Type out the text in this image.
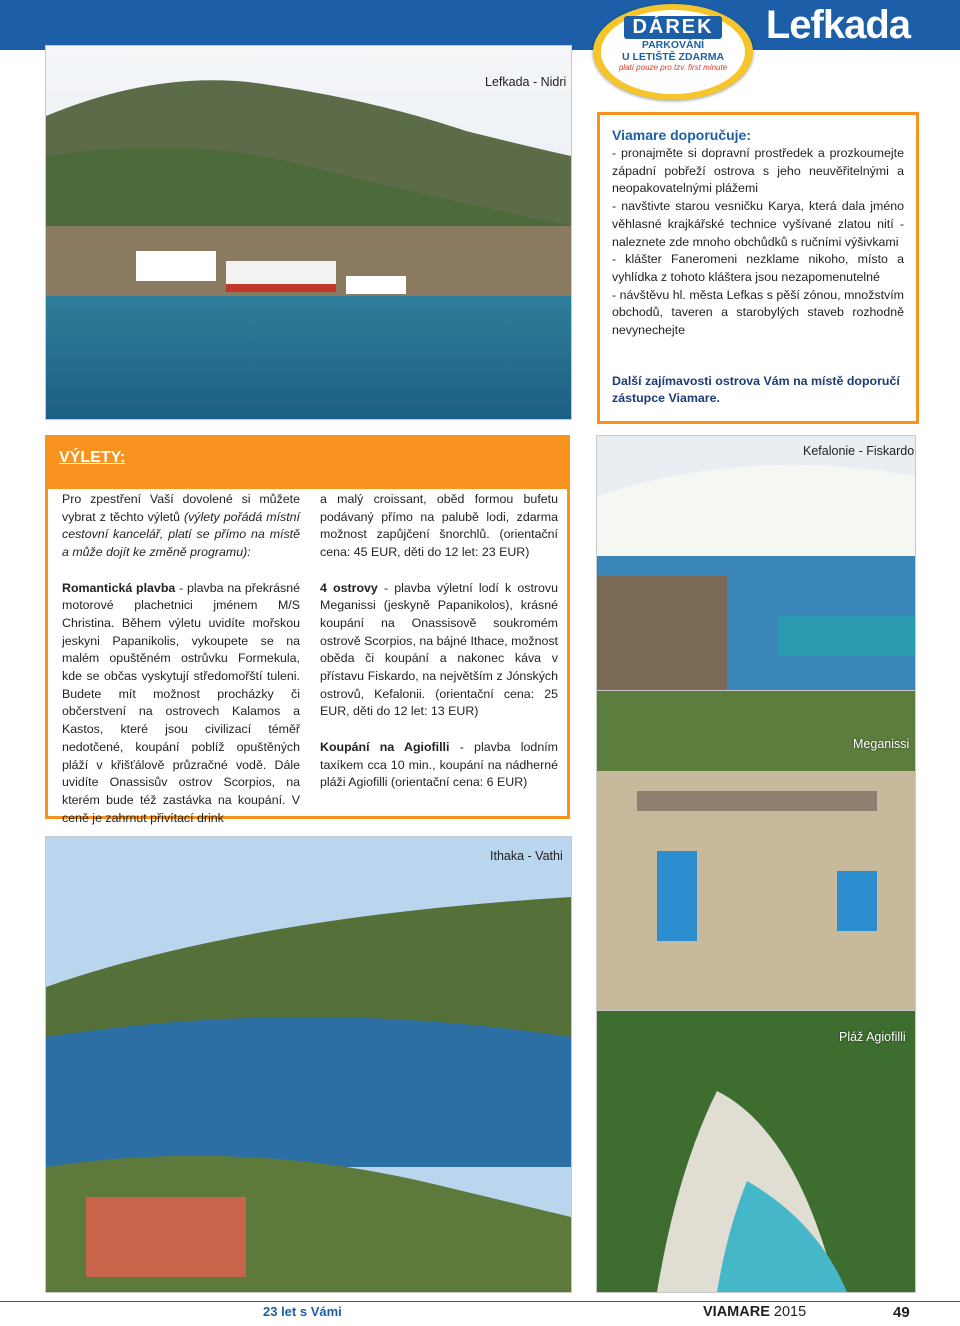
Lefkada
DÁREK
PARKOVÁNÍ
U LETIŠTĚ ZDARMA
platí pouze pro tzv. first minute
Lefkada - Nidri
Viamare doporučuje:
- pronajměte si dopravní prostředek a prozkoumejte západní pobřeží ostrova s jeho neuvěřitelnými a neopakovatelnými plážemi
- navštivte starou vesničku Karya, která dala jméno věhlasné krajkářské technice vyšívané zlatou nití - naleznete zde mnoho obchůdků s ručními výšivkami
- klášter Faneromeni nezklame nikoho, místo a vyhlídka z tohoto kláštera jsou nezapomenutelné
- návštěvu hl. města Lefkas s pěší zónou, množstvím obchodů, taveren a starobylých staveb rozhodně nevynechejte
Další zajímavosti ostrova Vám na místě doporučí zástupce Viamare.
VÝLETY:

Pro zpestření Vaší dovolené si můžete vybrat z těchto výletů (výlety pořádá místní cestovní kancelář, platí se přímo na místě a může dojít ke změně programu):

Romantická plavba - plavba na překrásné motorové plachetnici jménem M/S Christina. Během výletu uvidíte mořskou jeskyni Papanikolis, vykoupete se na malém opuštěném ostrůvku Formekula, kde se občas vyskytují středomořští tuleni. Budete mít možnost procházky či občerstvení na ostrovech Kalamos a Kastos, které jsou civilizací téměř nedotčené, koupání poblíž opuštěných pláží v křišťálově průzračné vodě. Dále uvidíte Onassisův ostrov Scorpios, na kterém bude též zastávka na koupání. V ceně je zahrnut přivítací drink

a malý croissant, oběd formou bufetu podávaný přímo na palubě lodi, zdarma možnost zapůjčení šnorchlů. (orientační cena: 45 EUR, děti do 12 let: 23 EUR)

4 ostrovy - plavba výletní lodí k ostrovu Meganissi (jeskyně Papanikolos), krásné koupání na Onassisově soukromém ostrově Scorpios, na bájné Ithace, možnost oběda či koupání a nakonec káva v přístavu Fiskardo, na největším z Jónských ostrovů, Kefalonii. (orientační cena: 25 EUR, děti do 12 let: 13 EUR)

Koupání na Agiofilli - plavba lodním taxíkem cca 10 min., koupání na nádherné pláži Agiofilli (orientační cena: 6 EUR)

Kefalonie - Fiskardo
Meganissi
Ithaka - Vathi
Pláž Agiofilli
23 let s Vámi	VIAMARE 2015	49
